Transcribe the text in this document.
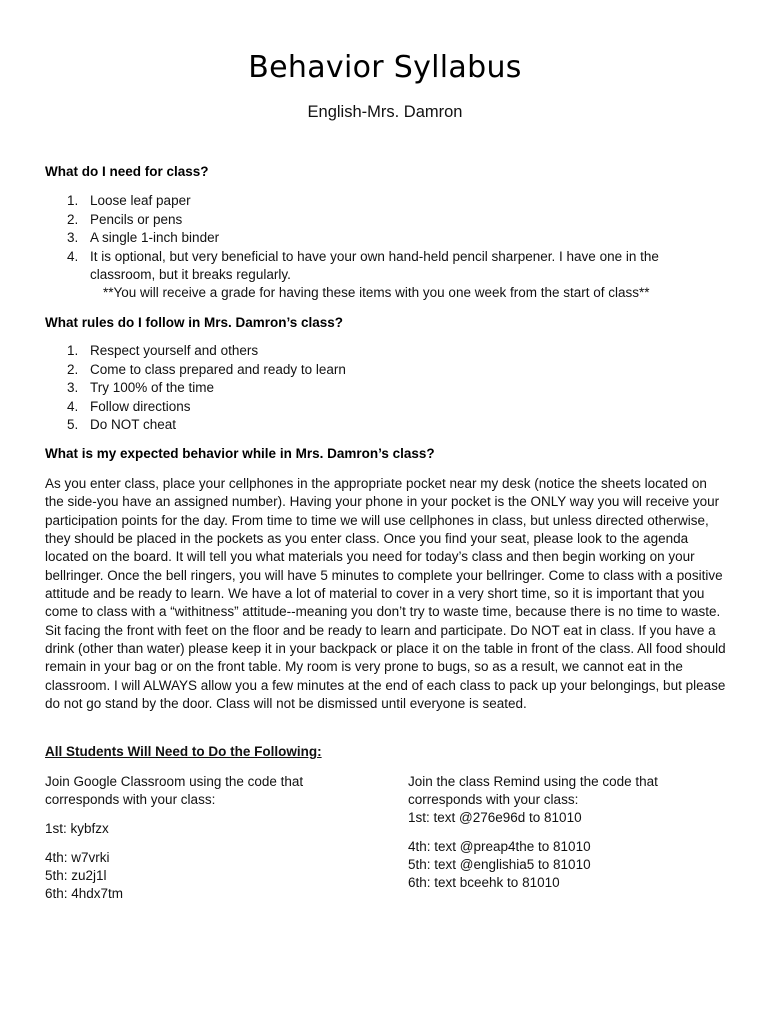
Behavior Syllabus
English-Mrs. Damron
What do I need for class?
1. Loose leaf paper
2. Pencils or pens
3. A single 1-inch binder
4. It is optional, but very beneficial to have your own hand-held pencil sharpener. I have one in the
classroom, but it breaks regularly.
**You will receive a grade for having these items with you one week from the start of class**
What rules do I follow in Mrs. Damron’s class?
1. Respect yourself and others
2. Come to class prepared and ready to learn
3. Try 100% of the time
4. Follow directions
5. Do NOT cheat
What is my expected behavior while in Mrs. Damron’s class?

As you enter class, place your cellphones in the appropriate pocket near my desk (notice the sheets located on the side-you have an assigned number). Having your phone in your pocket is the ONLY way you will receive your participation points for the day. From time to time we will use cellphones in class, but unless directed otherwise, they should be placed in the pockets as you enter class. Once you find your seat, please look to the agenda located on the board. It will tell you what materials you need for today’s class and then begin working on your bellringer. Once the bell ringers, you will have 5 minutes to complete your bellringer. Come to class with a positive attitude and be ready to learn. We have a lot of material to cover in a very short time, so it is important that you come to class with a “withitness” attitude--meaning you don’t try to waste time, because there is no time to waste. Sit facing the front with feet on the floor and be ready to learn and participate. Do NOT eat in class. If you have a drink (other than water) please keep it in your backpack or place it on the table in front of the class. All food should remain in your bag or on the front table. My room is very prone to bugs, so as a result, we cannot eat in the classroom. I will ALWAYS allow you a few minutes at the end of each class to pack up your belongings, but please do not go stand by the door. Class will not be dismissed until everyone is seated.

All Students Will Need to Do the Following:

Join Google Classroom using the code that
corresponds with your class:

1st: kybfzx

4th: w7vrki

5th: zu2j1l

6th: 4hdx7tm

Join the class Remind using the code that
corresponds with your class:

1st: text @276e96d to 81010

4th: text @preap4the to 81010

5th: text @englishia5 to 81010

6th: text bceehk to 81010
